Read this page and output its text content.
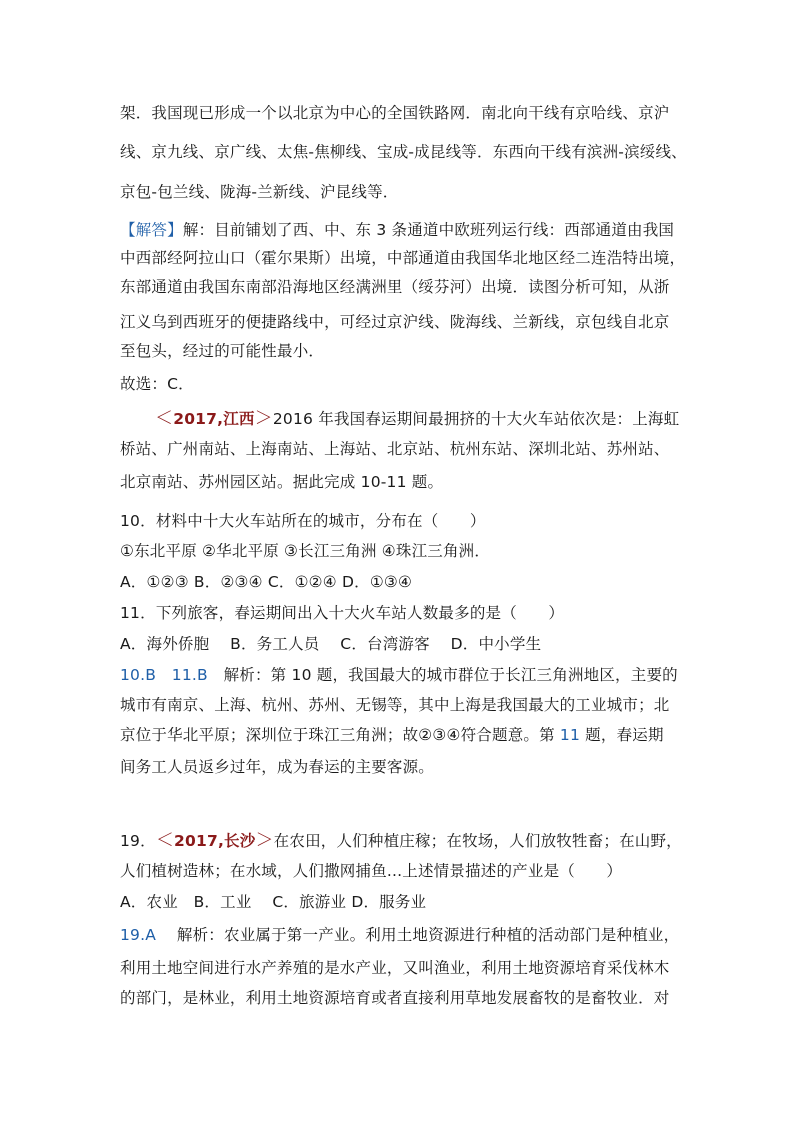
架．我国现已形成一个以北京为中心的全国铁路网．南北向干线有京哈线、京沪
线、京九线、京广线、太焦-焦柳线、宝成-成昆线等．东西向干线有滨洲-滨绥线、
京包-包兰线、陇海-兰新线、沪昆线等．
【解答】解：目前铺划了西、中、东 3 条通道中欧班列运行线：西部通道由我国
中西部经阿拉山口（霍尔果斯）出境，中部通道由我国华北地区经二连浩特出境，
东部通道由我国东南部沿海地区经满洲里（绥芬河）出境．读图分析可知，从浙
江义乌到西班牙的便捷路线中，可经过京沪线、陇海线、兰新线，京包线自北京
至包头，经过的可能性最小．
故选：C．
＜2017,江西＞2016 年我国春运期间最拥挤的十大火车站依次是：上海虹
桥站、广州南站、上海南站、上海站、北京站、杭州东站、深圳北站、苏州站、
北京南站、苏州园区站。据此完成 10-11 题。
10．材料中十大火车站所在的城市，分布在（　　）
①东北平原 ②华北平原 ③长江三角洲 ④珠江三角洲．
A．①②③ B．②③④ C．①②④ D．①③④
11．下列旅客，春运期间出入十大火车站人数最多的是（　　）
A．海外侨胞　 B．务工人员　 C．台湾游客　 D．中小学生
10.B　11.B　 解析：第 10 题，我国最大的城市群位于长江三角洲地区，主要的
城市有南京、上海、杭州、苏州、无锡等，其中上海是我国最大的工业城市；北
京位于华北平原；深圳位于珠江三角洲；故②③④符合题意。第 11 题，春运期
间务工人员返乡过年，成为春运的主要客源。
19．＜2017,长沙＞在农田，人们种植庄稼；在牧场，人们放牧牲畜；在山野，
人们植树造林；在水域，人们撒网捕鱼...上述情景描述的产业是（　　）
A．农业　B．工业　 C．旅游业 D．服务业
19.A　 解析：农业属于第一产业。利用土地资源进行种植的活动部门是种植业，
利用土地空间进行水产养殖的是水产业，又叫渔业，利用土地资源培育采伐林木
的部门，是林业，利用土地资源培育或者直接利用草地发展畜牧的是畜牧业．对
